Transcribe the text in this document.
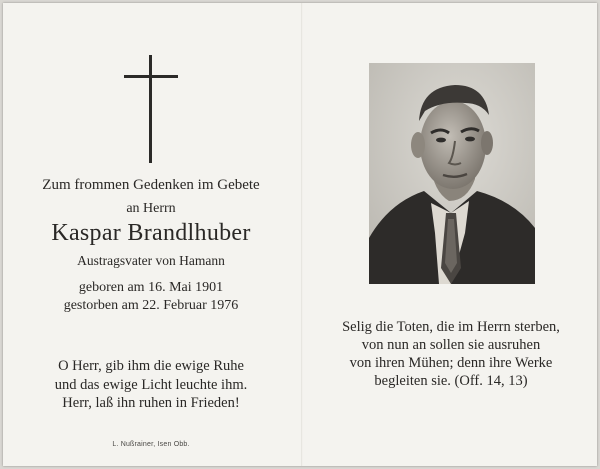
Zum frommen Gedenken im Gebete
an Herrn
Kaspar Brandlhuber
Austragsvater von Hamann
geboren am 16. Mai 1901
gestorben am 22. Februar 1976
O Herr, gib ihm die ewige Ruhe
und das ewige Licht leuchte ihm.
Herr, laß ihn ruhen in Frieden!
L. Nußrainer, Isen Obb.
Selig die Toten, die im Herrn sterben,
von nun an sollen sie ausruhen
von ihren Mühen; denn ihre Werke
begleiten sie. (Off. 14, 13)
